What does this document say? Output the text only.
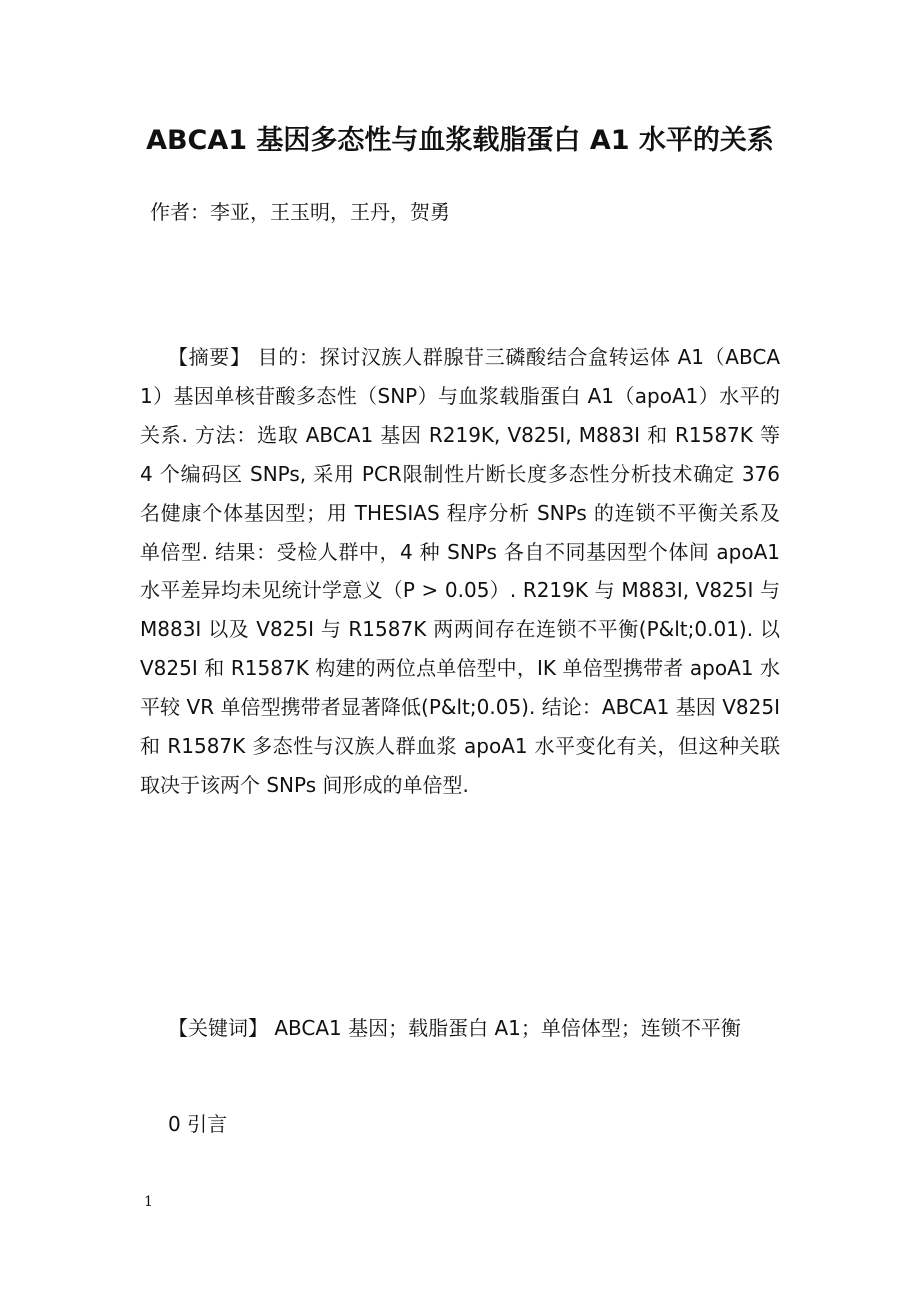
ABCA1 基因多态性与血浆载脂蛋白 A1 水平的关系

作者：李亚，王玉明，王丹，贺勇

【摘要】 目的：探讨汉族人群腺苷三磷酸结合盒转运体 A1（ABCA1）基因单核苷酸多态性（SNP）与血浆载脂蛋白 A1（apoA1）水平的关系. 方法：选取 ABCA1 基因 R219K, V825I, M883I 和 R1587K 等 4 个编码区 SNPs, 采用 PCR限制性片断长度多态性分析技术确定 376 名健康个体基因型；用 THESIAS 程序分析 SNPs 的连锁不平衡关系及单倍型. 结果：受检人群中，4 种 SNPs 各自不同基因型个体间 apoA1 水平差异均未见统计学意义（P > 0.05）. R219K 与 M883I, V825I 与 M883I 以及 V825I 与 R1587K 两两间存在连锁不平衡(P&lt;0.01). 以 V825I 和 R1587K 构建的两位点单倍型中，IK 单倍型携带者 apoA1 水平较 VR 单倍型携带者显著降低(P&lt;0.05). 结论：ABCA1 基因 V825I 和 R1587K 多态性与汉族人群血浆 apoA1 水平变化有关，但这种关联取决于该两个 SNPs 间形成的单倍型.

【关键词】 ABCA1 基因；载脂蛋白 A1；单倍体型；连锁不平衡

0 引言

1
